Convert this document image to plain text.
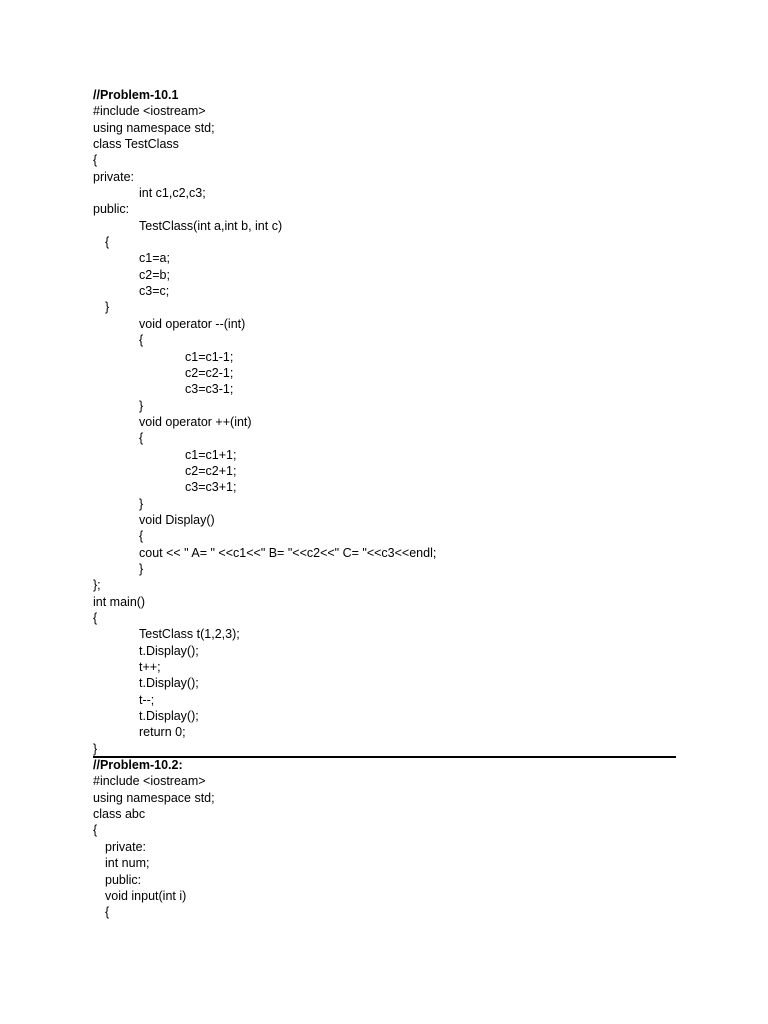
//Problem-10.1
#include <iostream>
using namespace std;
class TestClass
{
private:
int c1,c2,c3;
public:
TestClass(int a,int b, int c)
{
c1=a;
c2=b;
c3=c;
}
void operator --(int)
{
c1=c1-1;
c2=c2-1;
c3=c3-1;
}
void operator ++(int)
{
c1=c1+1;
c2=c2+1;
c3=c3+1;
}
void Display()
{
cout << " A= " <<c1<<" B= "<<c2<<" C= "<<c3<<endl;
}
};
int main()
{
TestClass t(1,2,3);
t.Display();
t++;
t.Display();
t--;
t.Display();
return 0;
}
//Problem-10.2:
#include <iostream>
using namespace std;
class abc
{
private:
int num;
public:
void input(int i)
{
